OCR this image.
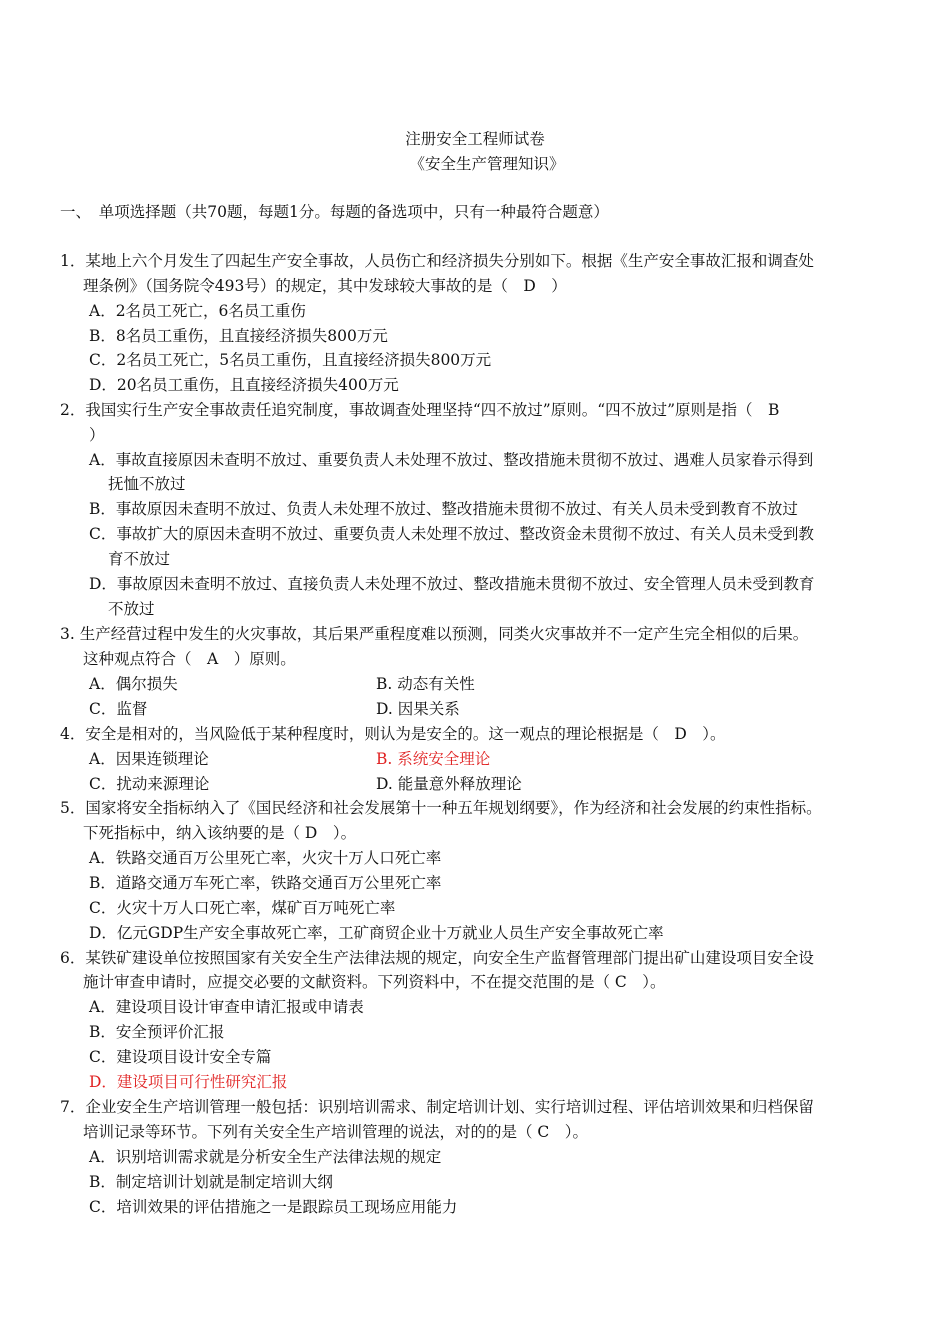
注册安全工程师试卷
《安全生产管理知识》
一、　单项选择题（共70题，每题1分。每题的备选项中，只有一种最符合题意）
1．某地上六个月发生了四起生产安全事故，人员伤亡和经济损失分别如下。根据《生产安全事故汇报和调查处
理条例》（国务院令493号）的规定，其中发球较大事故的是（　D　）
A．2名员工死亡，6名员工重伤
B．8名员工重伤，且直接经济损失800万元
C．2名员工死亡，5名员工重伤，且直接经济损失800万元
D．20名员工重伤，且直接经济损失400万元
2．我国实行生产安全事故责任追究制度，事故调查处理坚持“四不放过”原则。“四不放过”原则是指（　B
）
A．事故直接原因未查明不放过、重要负责人未处理不放过、整改措施未贯彻不放过、遇难人员家眷示得到
抚恤不放过
B．事故原因未查明不放过、负责人未处理不放过、整改措施未贯彻不放过、有关人员未受到教育不放过
C．事故扩大的原因未查明不放过、重要负责人未处理不放过、整改资金未贯彻不放过、有关人员未受到教
育不放过
D．事故原因未查明不放过、直接负责人未处理不放过、整改措施未贯彻不放过、安全管理人员未受到教育
不放过
3. 生产经营过程中发生的火灾事故，其后果严重程度难以预测，同类火灾事故并不一定产生完全相似的后果。
这种观点符合（　A　）原则。
A．偶尔损失	B. 动态有关性
C．监督	D. 因果关系
4．安全是相对的，当风险低于某种程度时，则认为是安全的。这一观点的理论根据是（　D　）。
A．因果连锁理论	B. 系统安全理论
C．扰动来源理论	D. 能量意外释放理论
5．国家将安全指标纳入了《国民经济和社会发展第十一种五年规划纲要》，作为经济和社会发展的约束性指标。
下死指标中，纳入该纳要的是（ D　）。
A．铁路交通百万公里死亡率，火灾十万人口死亡率
B．道路交通万车死亡率，铁路交通百万公里死亡率
C．火灾十万人口死亡率，煤矿百万吨死亡率
D．亿元GDP生产安全事故死亡率，工矿商贸企业十万就业人员生产安全事故死亡率
6．某铁矿建设单位按照国家有关安全生产法律法规的规定，向安全生产监督管理部门提出矿山建设项目安全设
施计审查申请时，应提交必要的文献资料。下列资料中，不在提交范围的是（ C　）。
A．建设项目设计审查申请汇报或申请表
B．安全预评价汇报
C．建设项目设计安全专篇
D．建设项目可行性研究汇报
7．企业安全生产培训管理一般包括：识别培训需求、制定培训计划、实行培训过程、评估培训效果和归档保留
培训记录等环节。下列有关安全生产培训管理的说法，对的的是（ C　）。
A．识别培训需求就是分析安全生产法律法规的规定
B．制定培训计划就是制定培训大纲
C．培训效果的评估措施之一是跟踪员工现场应用能力
